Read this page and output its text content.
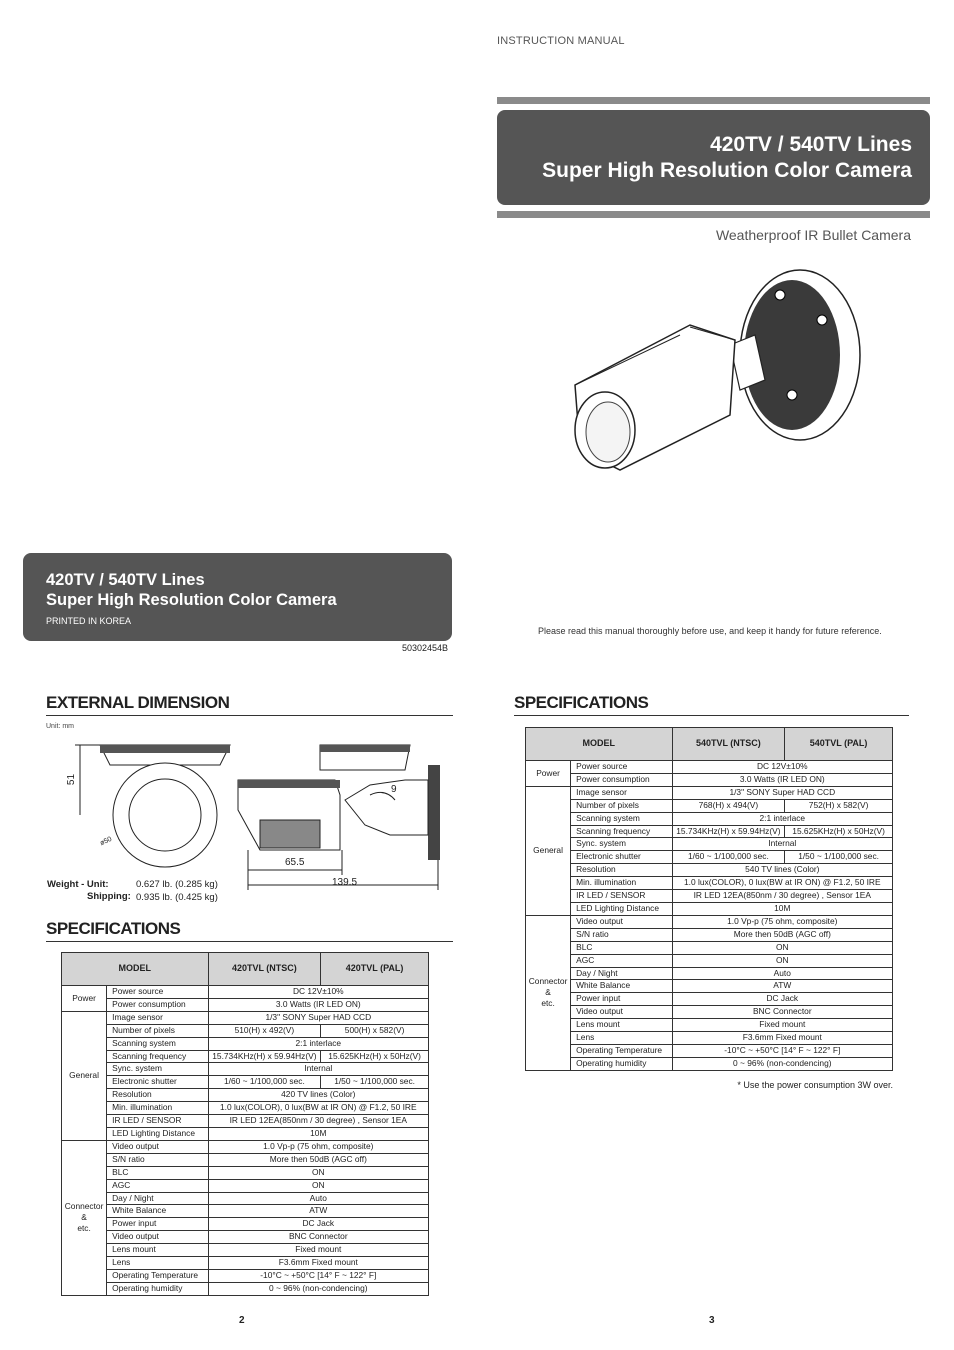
INSTRUCTION MANUAL
420TV / 540TV Lines
Super High Resolution Color Camera
Weatherproof IR Bullet Camera
Please read this manual thoroughly before use, and keep it handy for future reference.
420TV / 540TV Lines
Super High Resolution Color Camera
PRINTED IN KOREA
50302454B
EXTERNAL DIMENSION
Unit: mm
51
ø50
9
65.5
139.5
Weight - Unit:	0.627 lb. (0.285 kg)
Shipping: 0.935 lb. (0.425 kg)
SPECIFICATIONS
MODEL		420TVL (NTSC)	420TVL (PAL)
Power	Power source	DC 12V±10%	
	Power consumption	3.0 Watts (IR LED ON)	
General	Image sensor	1/3" SONY Super HAD CCD	
	Number of pixels	510(H) x 492(V)	500(H) x 582(V)
	Scanning system	2:1 interlace	
	Scanning frequency	15.734KHz(H) x 59.94Hz(V)	15.625KHz(H) x 50Hz(V)
	Sync. system	Internal	
	Electronic shutter	1/60 ~ 1/100,000 sec.	1/50 ~ 1/100,000 sec.
	Resolution	420 TV lines (Color)	
	Min. illumination	1.0 lux(COLOR), 0 lux(BW at IR ON) @ F1.2, 50 IRE	
	IR LED / SENSOR	IR LED 12EA(850nm / 30 degree) , Sensor 1EA	
	LED Lighting Distance	10M	
Connector
&
etc.	Video output	1.0 Vp-p (75 ohm, composite)	
	S/N ratio	More then 50dB (AGC off)	
	BLC	ON	
	AGC	ON	
	Day / Night	Auto	
	White Balance	ATW	
	Power input	DC Jack	
	Video output	BNC Connector	
	Lens mount	Fixed mount	
	Lens	F3.6mm Fixed mount	
	Operating Temperature	-10°C ~ +50°C [14° F ~ 122° F]	
	Operating humidity	0 ~ 96% (non-condencing)	
2
SPECIFICATIONS
MODEL		540TVL (NTSC)	540TVL (PAL)
Power	Power source	DC 12V±10%	
	Power consumption	3.0 Watts (IR LED ON)	
General	Image sensor	1/3" SONY Super HAD CCD	
	Number of pixels	768(H) x 494(V)	752(H) x 582(V)
	Scanning system	2:1 interlace	
	Scanning frequency	15.734KHz(H) x 59.94Hz(V)	15.625KHz(H) x 50Hz(V)
	Sync. system	Internal	
	Electronic shutter	1/60 ~ 1/100,000 sec.	1/50 ~ 1/100,000 sec.
	Resolution	540 TV lines (Color)	
	Min. illumination	1.0 lux(COLOR), 0 lux(BW at IR ON) @ F1.2, 50 IRE	
	IR LED / SENSOR	IR LED 12EA(850nm / 30 degree) , Sensor 1EA	
	LED Lighting Distance	10M	
Connector
&
etc.	Video output	1.0 Vp-p (75 ohm, composite)	
	S/N ratio	More then 50dB (AGC off)	
	BLC	ON	
	AGC	ON	
	Day / Night	Auto	
	White Balance	ATW	
	Power input	DC Jack	
	Video output	BNC Connector	
	Lens mount	Fixed mount	
	Lens	F3.6mm Fixed mount	
	Operating Temperature	-10°C ~ +50°C [14° F ~ 122° F]	
	Operating humidity	0 ~ 96% (non-condencing)	
* Use the power consumption 3W over.
3
